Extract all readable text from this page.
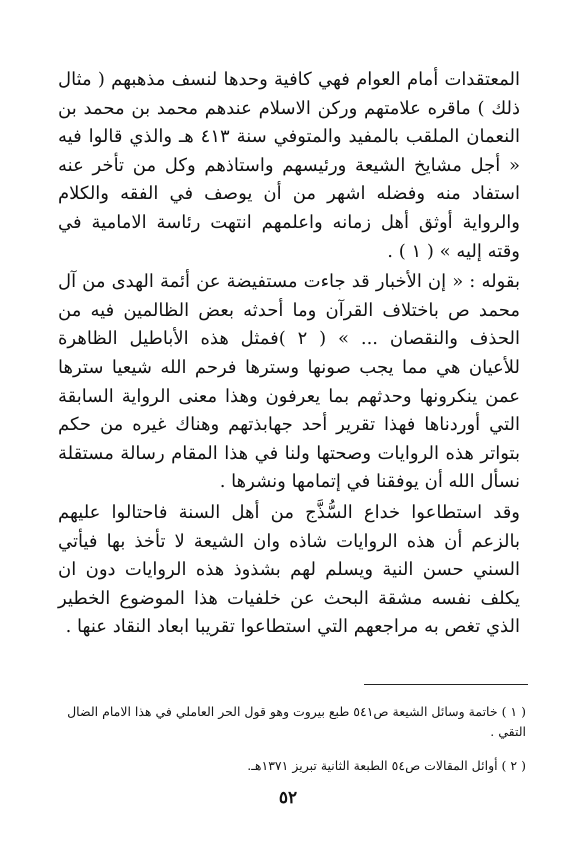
المعتقدات أمام العوام فهي كافية وحدها لنسف مذهبهم ( مثال ذلك ) ماقره علامتهم وركن الاسلام عندهم محمد بن محمد بن النعمان الملقب بالمفيد والمتوفي سنة ٤١٣ هـ والذي قالوا فيه « أجل مشايخ الشيعة ورئيسهم واستاذهم وكل من تأخر عنه استفاد منه وفضله اشهر من أن يوصف في الفقه والكلام والرواية أوثق أهل زمانه واعلمهم انتهت رئاسة الامامية في وقته إليه » ( ١ ) .

بقوله : « إن الأخبار قد جاءت مستفيضة عن أئمة الهدى من آل محمد ص باختلاف القرآن وما أحدثه بعض الظالمين فيه من الحذف والنقصان ... » ( ٢ )فمثل هذه الأباطيل الظاهرة للأعيان هي مما يجب صونها وسترها فرحم الله شيعيا سترها عمن ينكرونها وحدثهم بما يعرفون وهذا معنى الرواية السابقة التي أوردناها فهذا تقرير أحد جهابذتهم وهناك غيره من حكم بتواتر هذه الروايات وصحتها ولنا في هذا المقام رسالة مستقلة نسأل الله أن يوفقنا في إتمامها ونشرها .

وقد استطاعوا خداع السُّذَّج من أهل السنة فاحتالوا عليهم بالزعم أن هذه الروايات شاذه وان الشيعة لا تأخذ بها فيأتي السني حسن النية ويسلم لهم بشذوذ هذه الروايات دون ان يكلف نفسه مشقة البحث عن خلفيات هذا الموضوع الخطير الذي تغص به مراجعهم التي استطاعوا تقريبا ابعاد النقاد عنها .

( ١ ) خاتمة وسائل الشيعة ص٥٤١ طبع بيروت وهو قول الحر العاملي في هذا الامام الضال التقي .

( ٢ ) أوائل المقالات ص٥٤ الطبعة الثانية تبريز ١٣٧١هـ.

٥٢
